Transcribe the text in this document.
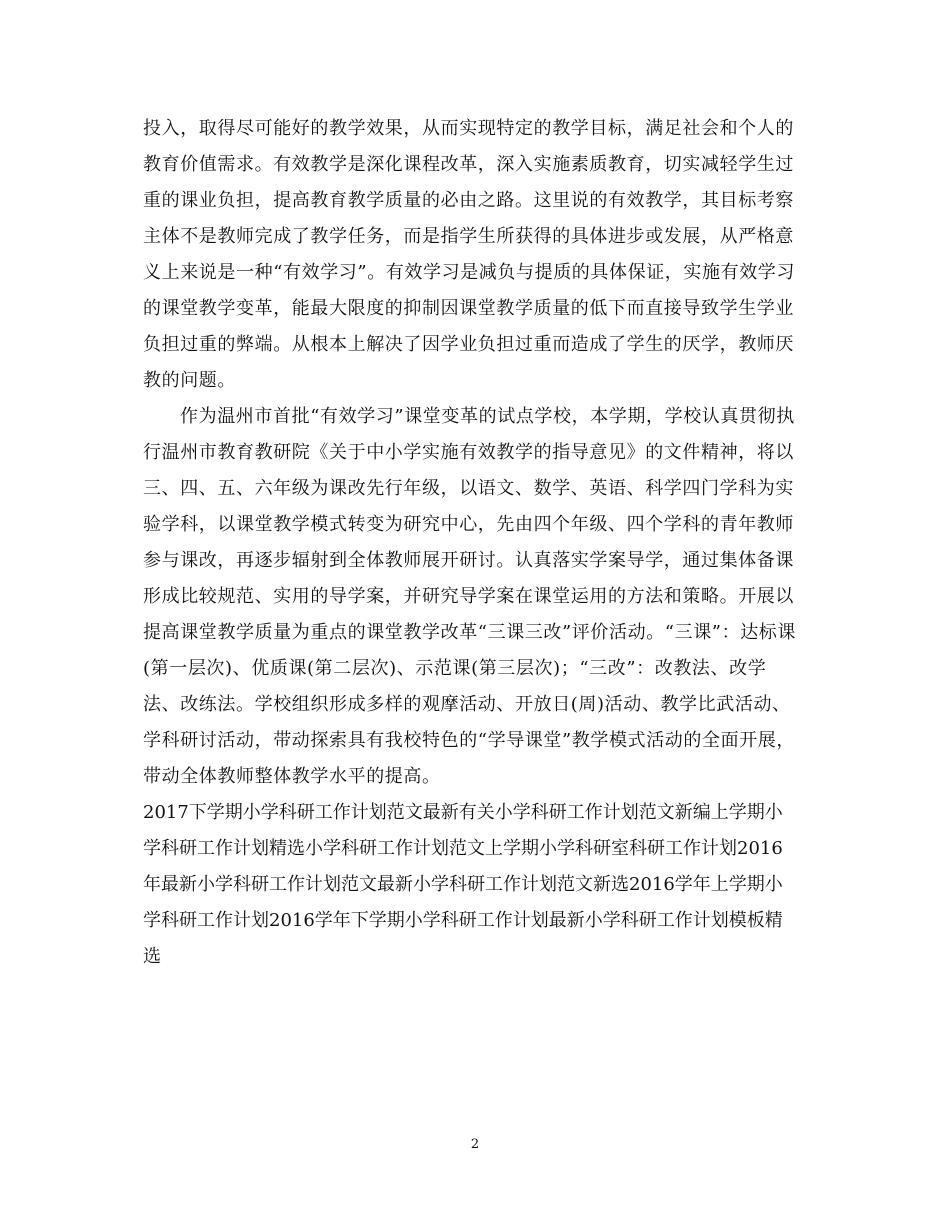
投入，取得尽可能好的教学效果，从而实现特定的教学目标，满足社会和个人的
教育价值需求。有效教学是深化课程改革，深入实施素质教育，切实减轻学生过
重的课业负担，提高教育教学质量的必由之路。这里说的有效教学，其目标考察
主体不是教师完成了教学任务，而是指学生所获得的具体进步或发展，从严格意
义上来说是一种“有效学习”。有效学习是减负与提质的具体保证，实施有效学习
的课堂教学变革，能最大限度的抑制因课堂教学质量的低下而直接导致学生学业
负担过重的弊端。从根本上解决了因学业负担过重而造成了学生的厌学，教师厌
教的问题。
作为温州市首批“有效学习”课堂变革的试点学校，本学期，学校认真贯彻执
行温州市教育教研院《关于中小学实施有效教学的指导意见》的文件精神，将以
三、四、五、六年级为课改先行年级，以语文、数学、英语、科学四门学科为实
验学科，以课堂教学模式转变为研究中心，先由四个年级、四个学科的青年教师
参与课改，再逐步辐射到全体教师展开研讨。认真落实学案导学，通过集体备课
形成比较规范、实用的导学案，并研究导学案在课堂运用的方法和策略。开展以
提高课堂教学质量为重点的课堂教学改革“三课三改”评价活动。“三课”：达标课
(第一层次)、优质课(第二层次)、示范课(第三层次)；“三改”：改教法、改学
法、改练法。学校组织形成多样的观摩活动、开放日(周)活动、教学比武活动、
学科研讨活动，带动探索具有我校特色的“学导课堂”教学模式活动的全面开展，
带动全体教师整体教学水平的提高。
2017下学期小学科研工作计划范文最新有关小学科研工作计划范文新编上学期小
学科研工作计划精选小学科研工作计划范文上学期小学科研室科研工作计划2016
年最新小学科研工作计划范文最新小学科研工作计划范文新选2016学年上学期小
学科研工作计划2016学年下学期小学科研工作计划最新小学科研工作计划模板精
选
2
